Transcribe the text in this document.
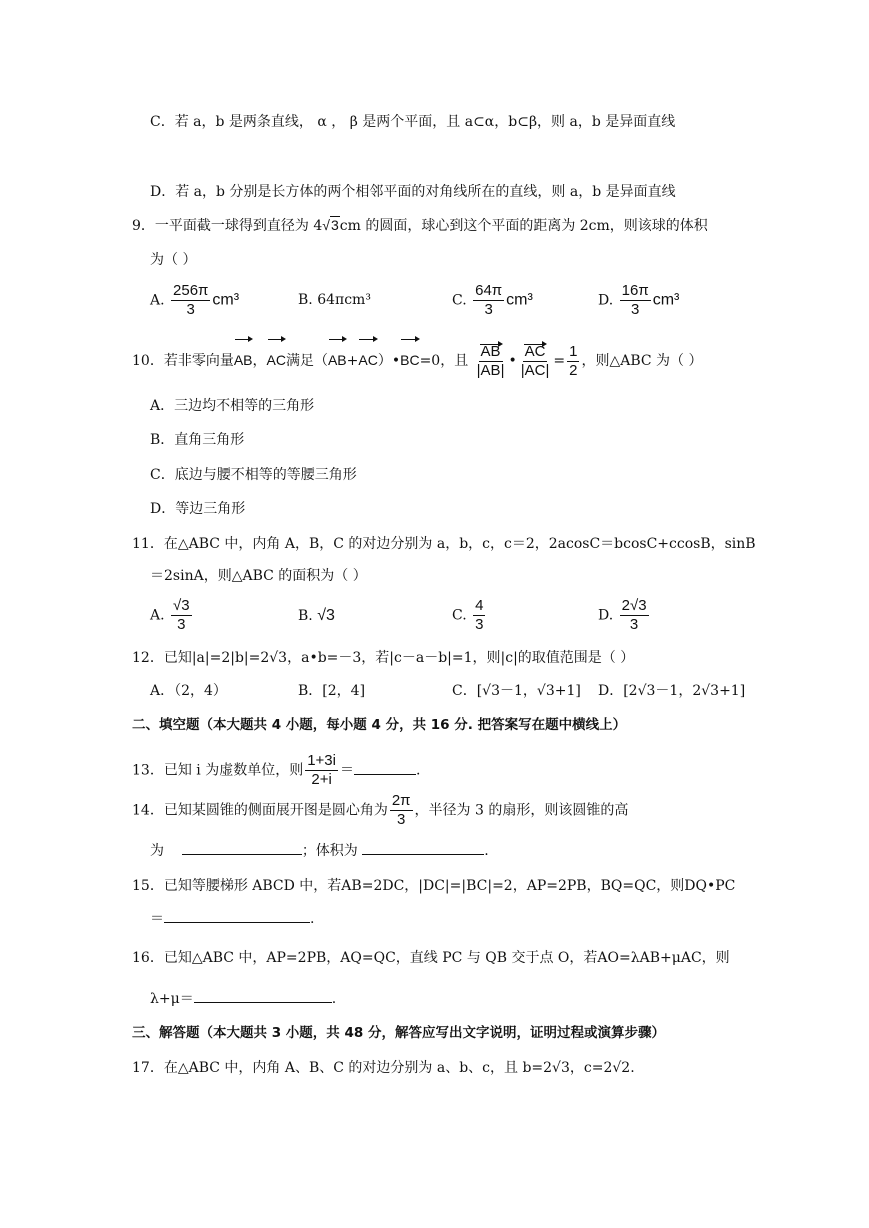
C．若 a，b 是两条直线， α ， β 是两个平面，且 a⊂α，b⊂β，则 a，b 是异面直线
D．若 a，b 分别是长方体的两个相邻平面的对角线所在的直线，则 a，b 是异面直线
9．一平面截一球得到直径为 4√3cm 的圆面，球心到这个平面的距离为 2cm，则该球的体积
为（ ）
A. $\frac{256\pi}{3} cm^3$	B. 64πcm³	C. $\frac{64\pi}{3} cm^3$	D. $\frac{16\pi}{3} cm^3$
10．若非零向量AB，AC满足（AB+AC）•BC=0，且 $\frac{AB}{|AB|}$ • $\frac{AC}{|AC|} = \frac{1}{2}$ ，则△ABC 为（ ）
A．三边均不相等的三角形
B．直角三角形
C．底边与腰不相等的等腰三角形
D．等边三角形
11．在△ABC 中，内角 A，B，C 的对边分别为 a，b，c，c＝2，2acosC＝bcosC+ccosB，sinB
＝2sinA，则△ABC 的面积为（ ）
A. $\frac{√3}{3}$	B. √3	C. $\frac{4}{3}$	D. $\frac{2√3}{3}$
12．已知|a|=2|b|=2√3，a•b=－3，若|c－a－b|=1，则|c|的取值范围是（ ）
A．（2，4）	B．[2，4]	C．[√3－1，√3+1] D．[2√3－1，2√3+1]
二、填空题（本大题共 4 小题，每小题 4 分，共 16 分. 把答案写在题中横线上）
13．已知 i 为虚数单位，则 $\frac{1+3i}{2+i}$ ＝	.
14．已知某圆锥的侧面展开图是圆心角为 $\frac{2\pi}{3}$ ，半径为 3 的扇形，则该圆锥的高
为	；体积为	.
15．已知等腰梯形 ABCD 中，若AB=2DC，|DC|=|BC|=2，AP=2PB，BQ=QC，则DQ•PC
＝	.
16．已知△ABC 中，AP=2PB，AQ=QC，直线 PC 与 QB 交于点 O，若AO=λAB+μAC，则
λ+μ＝	.
三、解答题（本大题共 3 小题，共 48 分，解答应写出文字说明，证明过程或演算步骤）
17．在△ABC 中，内角 A、B、C 的对边分别为 a、b、c，且 b=2√3，c=2√2.
